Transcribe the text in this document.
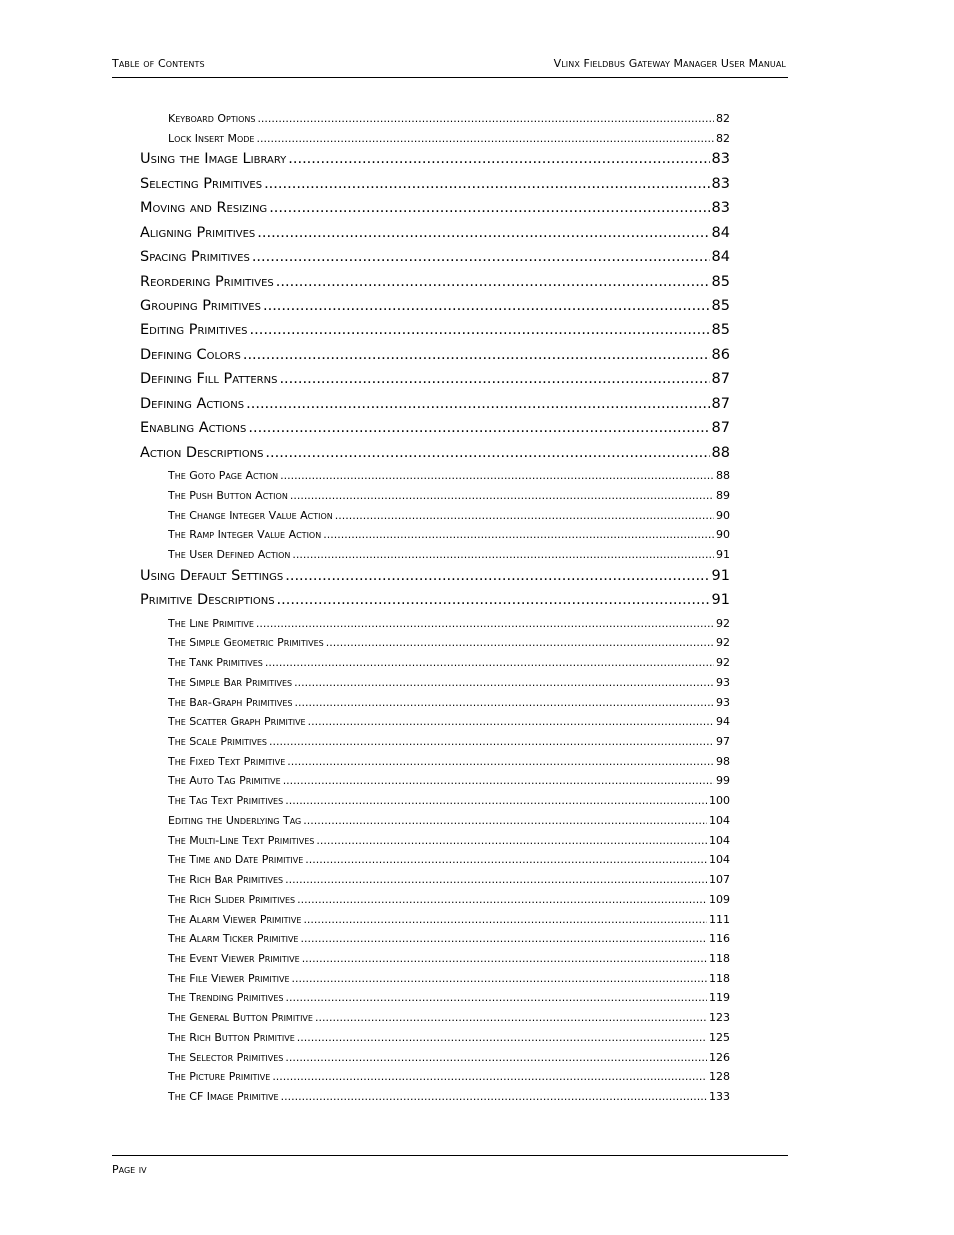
Table of Contents	Vlinx Fieldbus Gateway Manager User Manual
Keyboard Options .....	82
Lock Insert Mode .....	82
Using the Image Library .....	83
Selecting Primitives .....	83
Moving and Resizing .....	83
Aligning Primitives .....	84
Spacing Primitives .....	84
Reordering Primitives .....	85
Grouping Primitives .....	85
Editing Primitives .....	85
Defining Colors .....	86
Defining Fill Patterns .....	87
Defining Actions .....	87
Enabling Actions .....	87
Action Descriptions .....	88
The Goto Page Action .....	88
The Push Button Action .....	89
The Change Integer Value Action .....	90
The Ramp Integer Value Action .....	90
The User Defined Action .....	91
Using Default Settings .....	91
Primitive Descriptions .....	91
The Line Primitive .....	92
The Simple Geometric Primitives .....	92
The Tank Primitives .....	92
The Simple Bar Primitives .....	93
The Bar-Graph Primitives .....	93
The Scatter Graph Primitive .....	94
The Scale Primitives .....	97
The Fixed Text Primitive .....	98
The Auto Tag Primitive .....	99
The Tag Text Primitives .....	100
Editing the Underlying Tag .....	104
The Multi-Line Text Primitives .....	104
The Time and Date Primitive .....	104
The Rich Bar Primitives .....	107
The Rich Slider Primitives .....	109
The Alarm Viewer Primitive .....	111
The Alarm Ticker Primitive .....	116
The Event Viewer Primitive .....	118
The File Viewer Primitive .....	118
The Trending Primitives .....	119
The General Button Primitive .....	123
The Rich Button Primitive .....	125
The Selector Primitives .....	126
The Picture Primitive .....	128
The CF Image Primitive .....	133
Page iv
